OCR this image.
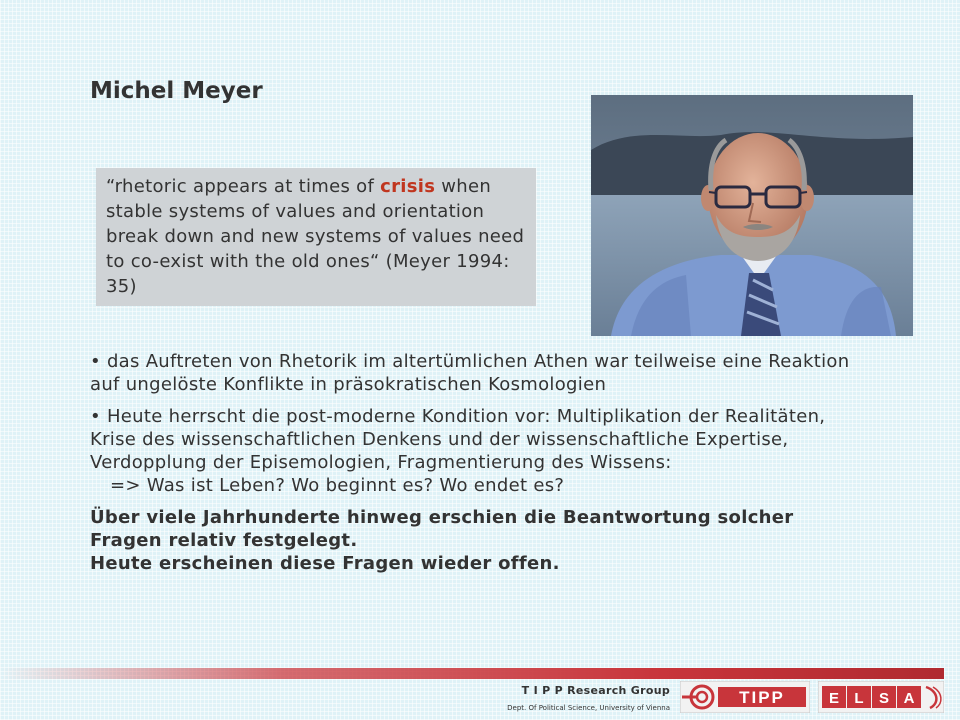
Michel Meyer
“rhetoric appears at times of crisis when stable systems of values and orientation break down and new systems of values need to co-exist with the old ones“ (Meyer 1994: 35)

• das Auftreten von Rhetorik im altertümlichen Athen war teilweise eine Reaktion auf ungelöste Konflikte in präsokratischen Kosmologien

• Heute herrscht die post-moderne Kondition vor: Multiplikation der Realitäten, Krise des wissenschaftlichen Denkens und der wissenschaftliche Expertise, Verdopplung der Episemologien, Fragmentierung des Wissens:
=> Was ist Leben? Wo beginnt es? Wo endet es?

Über viele Jahrhunderte hinweg erschien die Beantwortung solcher Fragen relativ festgelegt.
Heute erscheinen diese Fragen wieder offen.

T I P P Research Group
Dept. Of Political Science, University of Vienna
TIPP	E L S A
